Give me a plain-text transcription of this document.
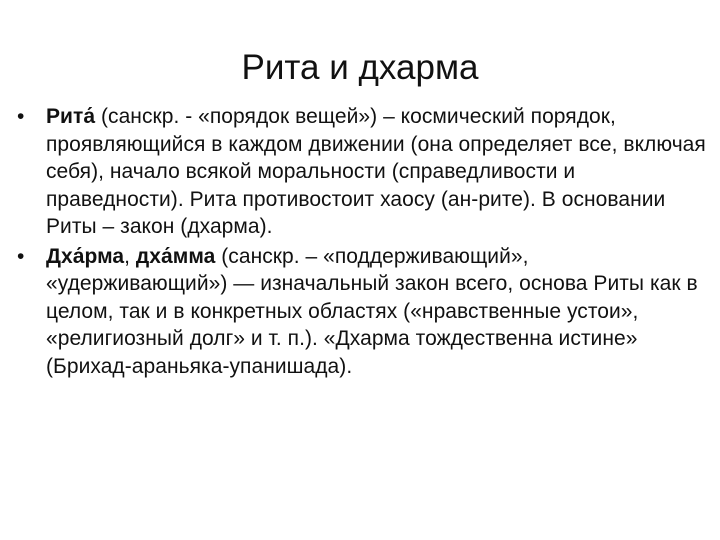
Рита и дхарма
• Рита́ (санскр. - «порядок вещей») – космический порядок, проявляющийся в каждом движении (она определяет все, включая себя), начало всякой моральности (справедливости и праведности). Рита противостоит хаосу (ан-рите). В основании Риты – закон (дхарма).
• Дха́рма, дха́мма (санскр. – «поддерживающий», «удерживающий») — изначальный закон всего, основа Риты как в целом, так и в конкретных областях («нравственные устои», «религиозный долг» и т. п.). «Дхарма тождественна истине» (Брихад-араньяка-упанишада).
